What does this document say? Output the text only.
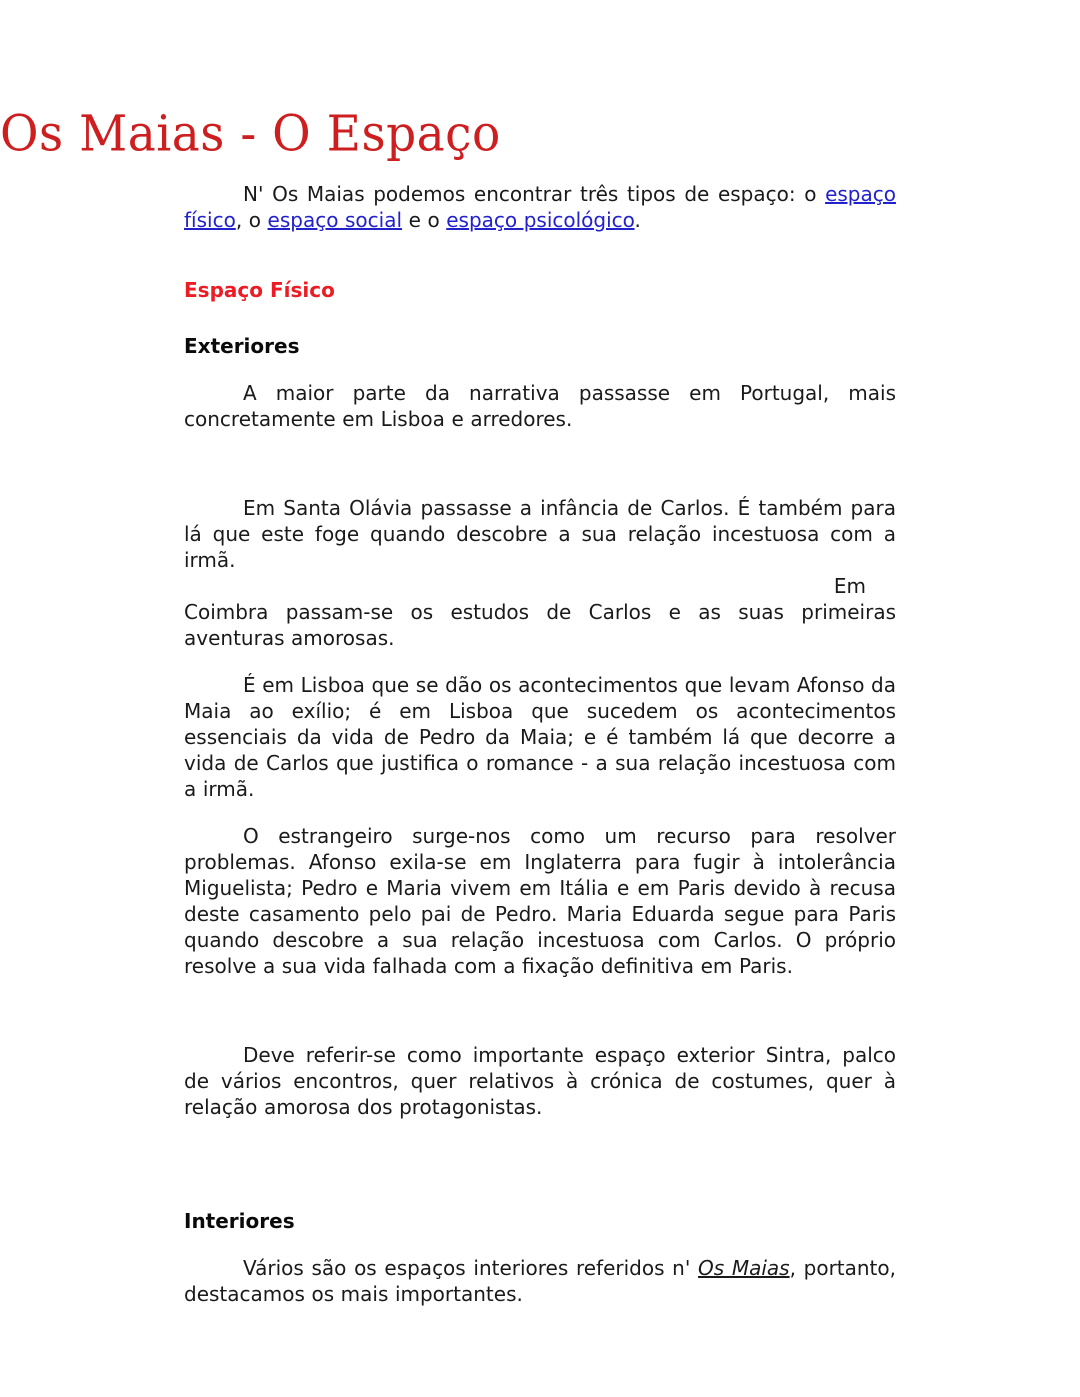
Os Maias - O Espaço

N' Os Maias podemos encontrar três tipos de espaço: o espaço físico, o espaço social e o espaço psicológico.

Espaço Físico
Exteriores

A maior parte da narrativa passasse em Portugal, mais concretamente em Lisboa e arredores.

Em Santa Olávia passasse a infância de Carlos. É também para lá que este foge quando descobre a sua relação incestuosa com a irmã.

Em

Coimbra passam-se os estudos de Carlos e as suas primeiras aventuras amorosas.

É em Lisboa que se dão os acontecimentos que levam Afonso da Maia ao exílio; é em Lisboa que sucedem os acontecimentos essenciais da vida de Pedro da Maia; e é também lá que decorre a vida de Carlos que justifica o romance - a sua relação incestuosa com a irmã.

O estrangeiro surge-nos como um recurso para resolver problemas. Afonso exila-se em Inglaterra para fugir à intolerância Miguelista; Pedro e Maria vivem em Itália e em Paris devido à recusa deste casamento pelo pai de Pedro. Maria Eduarda segue para Paris quando descobre a sua relação incestuosa com Carlos. O próprio resolve a sua vida falhada com a fixação definitiva em Paris.

Deve referir-se como importante espaço exterior Sintra, palco de vários encontros, quer relativos à crónica de costumes, quer à relação amorosa dos protagonistas.

Interiores

Vários são os espaços interiores referidos n' Os Maias, portanto, destacamos os mais importantes.
